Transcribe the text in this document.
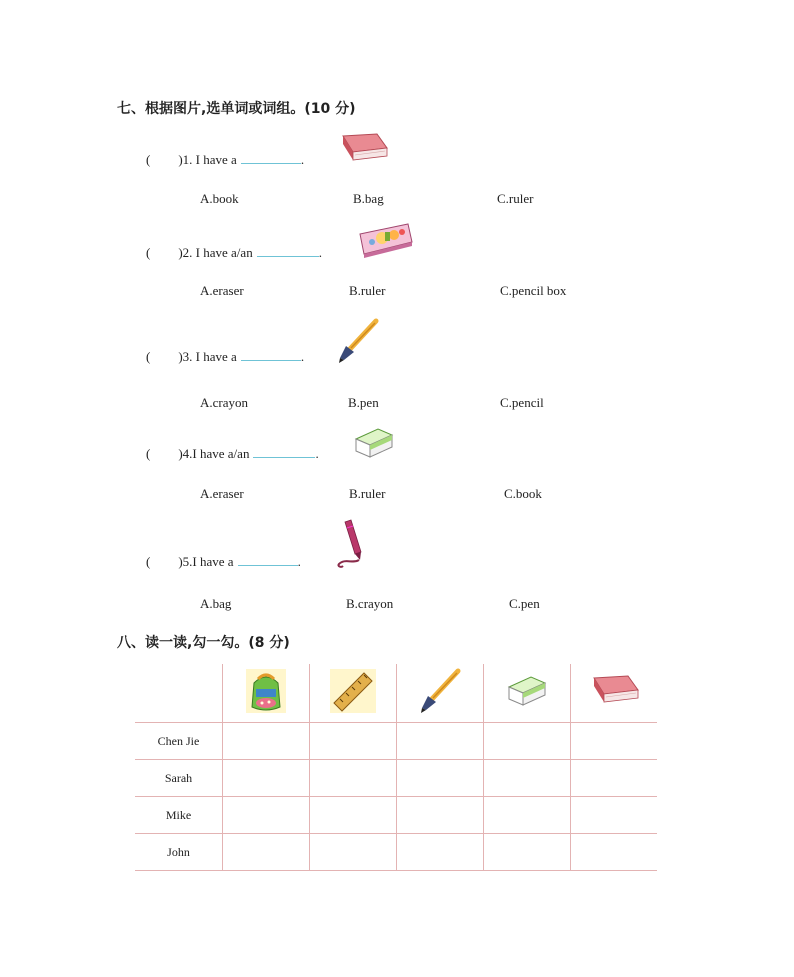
七、根据图片,选单词或词组。(10 分)
( )1. I have a	.
A.book	B.bag	C.ruler
( )2. I have a/an	.
A.eraser	B.ruler	C.pencil box
( )3. I have a	.
A.crayon	B.pen	C.pencil
( )4.I have a/an	.
A.eraser	B.ruler	C.book
( )5.I have a	.
A.bag	B.crayon	C.pen
八、读一读,勾一勾。(8 分)

Chen Jie					
Sarah					
Mike					
John					
